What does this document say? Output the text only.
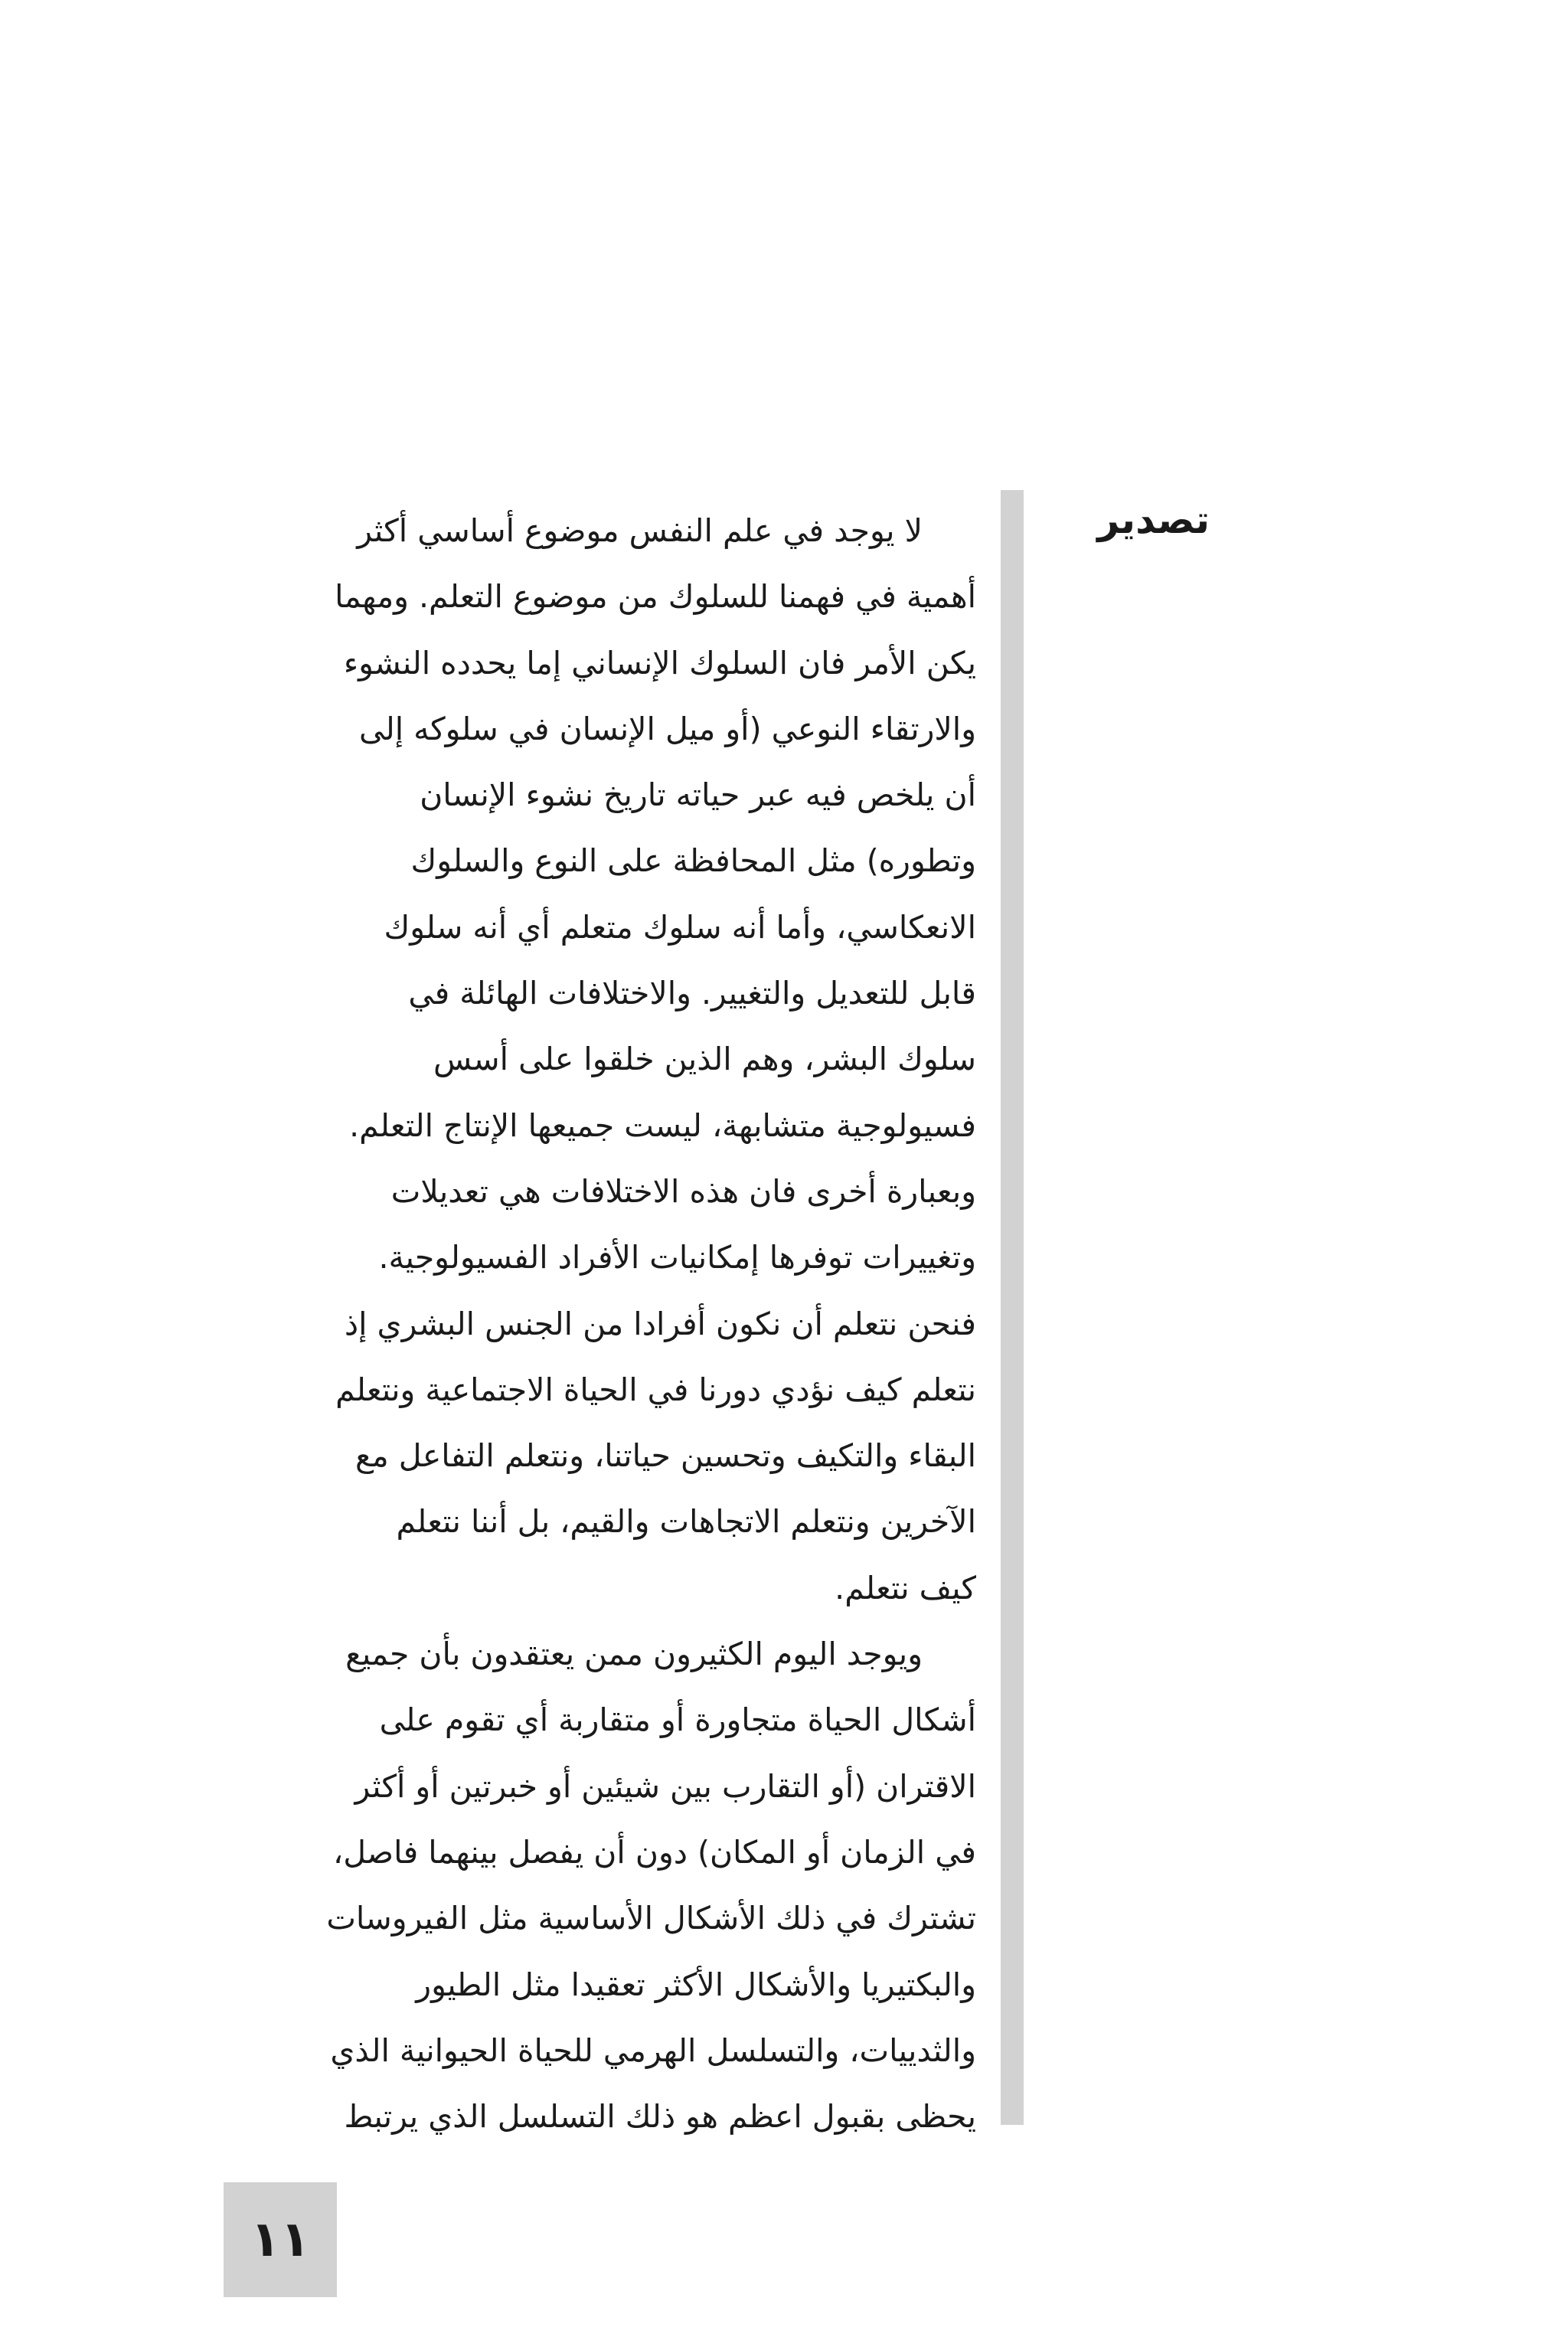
تصدير
لا يوجد في علم النفس موضوع أساسي أكثر
أهمية في فهمنا للسلوك من موضوع التعلم. ومهما
يكن الأمر فان السلوك الإنساني إما يحدده النشوء
والارتقاء النوعي (أو ميل الإنسان في سلوكه إلى
أن يلخص فيه عبر حياته تاريخ نشوء الإنسان
وتطوره) مثل المحافظة على النوع والسلوك
الانعكاسي، وأما أنه سلوك متعلم أي أنه سلوك
قابل للتعديل والتغيير. والاختلافات الهائلة في
سلوك البشر، وهم الذين خلقوا على أسس
فسيولوجية متشابهة، ليست جميعها الإنتاج التعلم.
وبعبارة أخرى فان هذه الاختلافات هي تعديلات
وتغييرات توفرها إمكانيات الأفراد الفسيولوجية.
فنحن نتعلم أن نكون أفرادا من الجنس البشري إذ
نتعلم كيف نؤدي دورنا في الحياة الاجتماعية ونتعلم
البقاء والتكيف وتحسين حياتنا، ونتعلم التفاعل مع
الآخرين ونتعلم الاتجاهات والقيم، بل أننا نتعلم
كيف نتعلم.
ويوجد اليوم الكثيرون ممن يعتقدون بأن جميع
أشكال الحياة متجاورة أو متقاربة أي تقوم على
الاقتران (أو التقارب بين شيئين أو خبرتين أو أكثر
في الزمان أو المكان) دون أن يفصل بينهما فاصل،
تشترك في ذلك الأشكال الأساسية مثل الفيروسات
والبكتيريا والأشكال الأكثر تعقيدا مثل الطيور
والثدييات، والتسلسل الهرمي للحياة الحيوانية الذي
يحظى بقبول اعظم هو ذلك التسلسل الذي يرتبط
١١
